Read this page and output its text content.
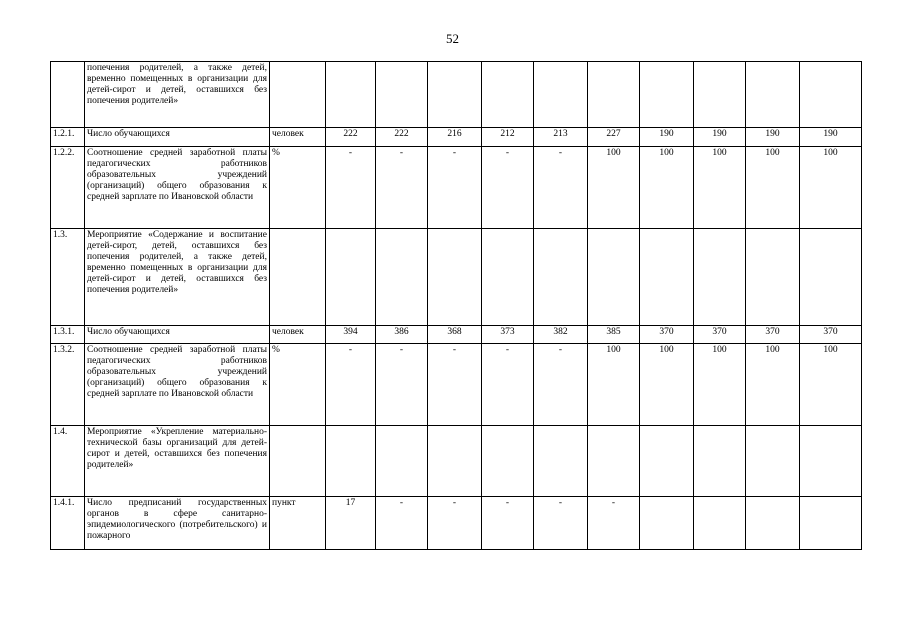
52
	попечения родителей, а также детей, временно помещенных в организации для детей-сирот и детей, оставшихся без попечения родителей»											
1.2.1.	Число обучающихся	человек	222	222	216	212	213	227	190	190	190	190
1.2.2.	Соотношение средней заработной платы педагогических работников образовательных учреждений (организаций) общего образования к средней зарплате по Ивановской области	%	-	-	-	-	-	100	100	100	100	100
1.3.	Мероприятие «Содержание и воспитание детей-сирот, детей, оставшихся без попечения родителей, а также детей, временно помещенных в организации для детей-сирот и детей, оставшихся без попечения родителей»											
1.3.1.	Число обучающихся	человек	394	386	368	373	382	385	370	370	370	370
1.3.2.	Соотношение средней заработной платы педагогических работников образовательных учреждений (организаций) общего образования к средней зарплате по Ивановской области	%	-	-	-	-	-	100	100	100	100	100
1.4.	Мероприятие «Укрепление материально-технической базы организаций для детей-сирот и детей, оставшихся без попечения родителей»											
1.4.1.	Число предписаний государственных органов в сфере санитарно-эпидемиологического (потребительского) и пожарного	пункт	17	-	-	-	-	-				
